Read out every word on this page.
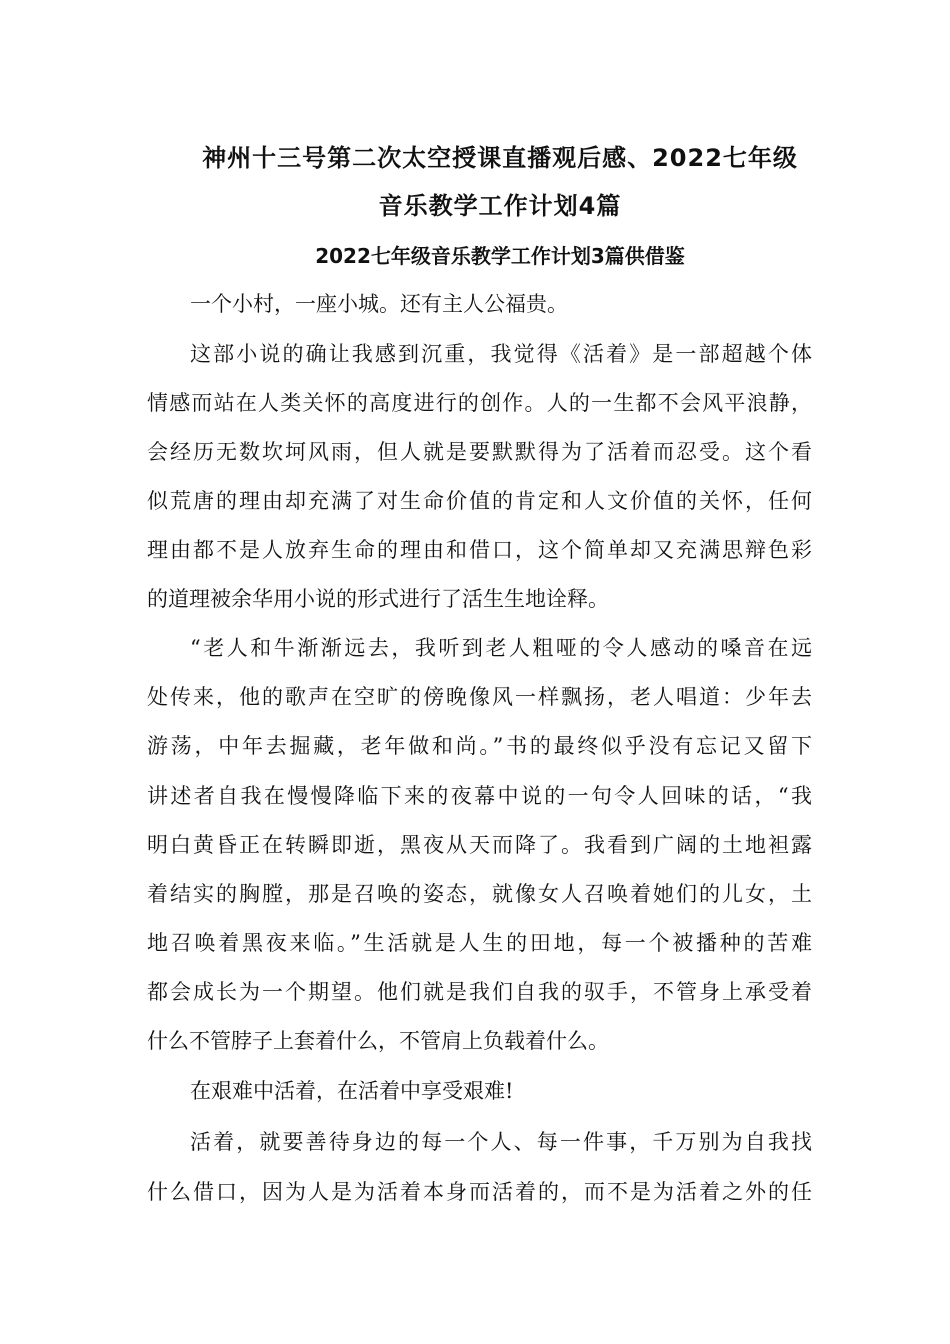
神州十三号第二次太空授课直播观后感、2022七年级
音乐教学工作计划4篇
2022七年级音乐教学工作计划3篇供借鉴
一个小村，一座小城。还有主人公福贵。
这部小说的确让我感到沉重，我觉得《活着》是一部超越个体
情感而站在人类关怀的高度进行的创作。人的一生都不会风平浪静，
会经历无数坎坷风雨，但人就是要默默得为了活着而忍受。这个看
似荒唐的理由却充满了对生命价值的肯定和人文价值的关怀，任何
理由都不是人放弃生命的理由和借口，这个简单却又充满思辩色彩
的道理被余华用小说的形式进行了活生生地诠释。
“老人和牛渐渐远去，我听到老人粗哑的令人感动的嗓音在远
处传来，他的歌声在空旷的傍晚像风一样飘扬，老人唱道：少年去
游荡，中年去掘藏，老年做和尚。”书的最终似乎没有忘记又留下
讲述者自我在慢慢降临下来的夜幕中说的一句令人回味的话，“我
明白黄昏正在转瞬即逝，黑夜从天而降了。我看到广阔的土地袒露
着结实的胸膛，那是召唤的姿态，就像女人召唤着她们的儿女，土
地召唤着黑夜来临。”生活就是人生的田地，每一个被播种的苦难
都会成长为一个期望。他们就是我们自我的驭手，不管身上承受着
什么不管脖子上套着什么，不管肩上负载着什么。
在艰难中活着，在活着中享受艰难!
活着，就要善待身边的每一个人、每一件事，千万别为自我找
什么借口，因为人是为活着本身而活着的，而不是为活着之外的任
